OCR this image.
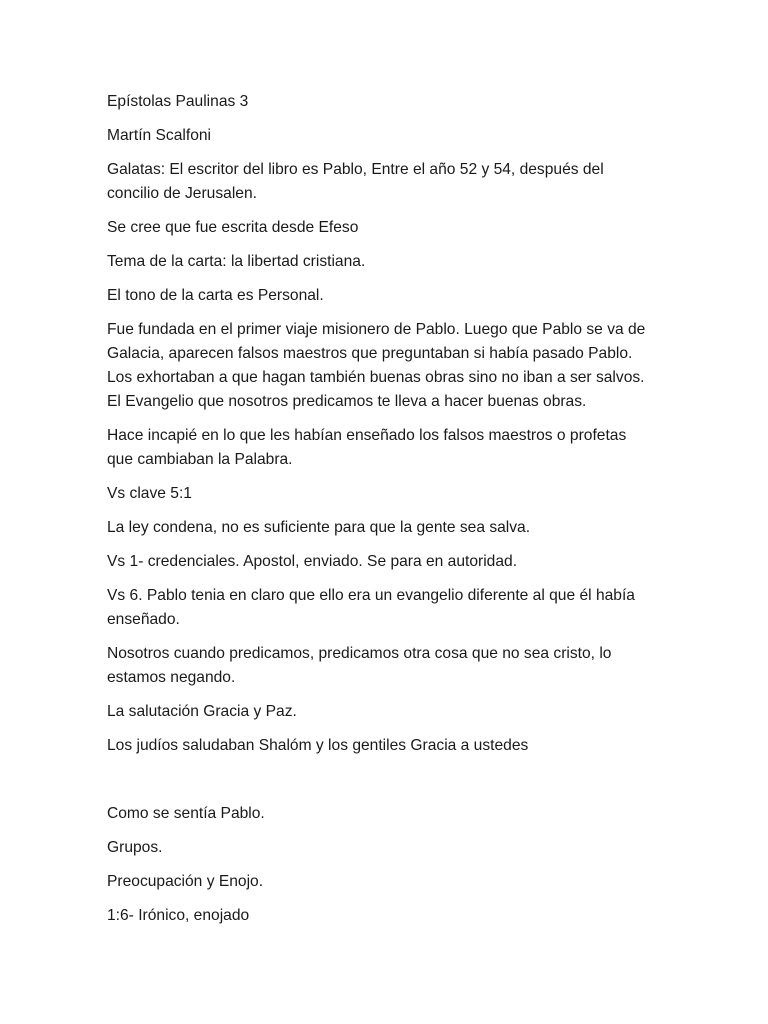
Epístolas Paulinas 3

Martín Scalfoni

Galatas: El escritor del libro es Pablo, Entre el año 52 y 54, después del
concilio de Jerusalen.

Se cree que fue escrita desde Efeso

Tema de la carta: la libertad cristiana.

El tono de la carta es Personal.

Fue fundada en el primer viaje misionero de Pablo. Luego que Pablo se va de
Galacia, aparecen falsos maestros que preguntaban si había pasado Pablo.
Los exhortaban a que hagan también buenas obras sino no iban a ser salvos.
El Evangelio que nosotros predicamos te lleva a hacer buenas obras.

Hace incapié en lo que les habían enseñado los falsos maestros o profetas
que cambiaban la Palabra.

Vs clave 5:1

La ley condena, no es suficiente para que la gente sea salva.

Vs 1- credenciales. Apostol, enviado. Se para en autoridad.

Vs 6. Pablo tenia en claro que ello era un evangelio diferente al que él había
enseñado.

Nosotros cuando predicamos, predicamos otra cosa que no sea cristo, lo
estamos negando.

La salutación Gracia y Paz.

Los judíos saludaban Shalóm y los gentiles Gracia a ustedes

Como se sentía Pablo.

Grupos.

Preocupación y Enojo.

1:6- Irónico, enojado
